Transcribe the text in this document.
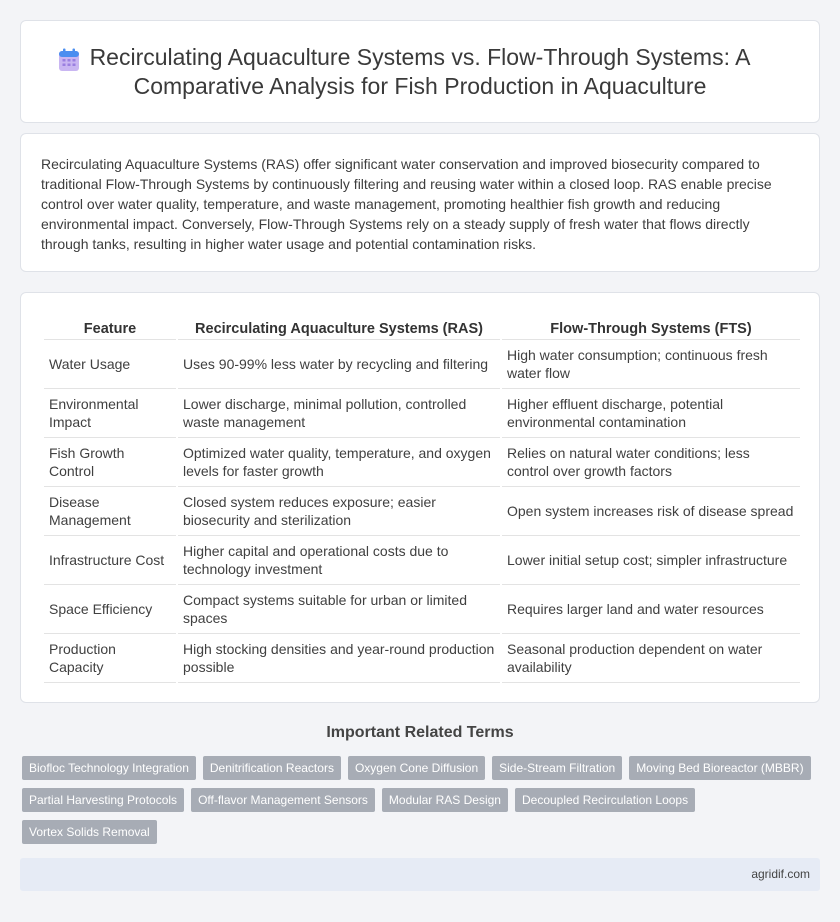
Recirculating Aquaculture Systems vs. Flow-Through Systems: A Comparative Analysis for Fish Production in Aquaculture

Recirculating Aquaculture Systems (RAS) offer significant water conservation and improved biosecurity compared to traditional Flow-Through Systems by continuously filtering and reusing water within a closed loop. RAS enable precise control over water quality, temperature, and waste management, promoting healthier fish growth and reducing environmental impact. Conversely, Flow-Through Systems rely on a steady supply of fresh water that flows directly through tanks, resulting in higher water usage and potential contamination risks.

Feature	Recirculating Aquaculture Systems (RAS)	Flow-Through Systems (FTS)
Water Usage	Uses 90-99% less water by recycling and filtering	High water consumption; continuous fresh water flow
Environmental Impact	Lower discharge, minimal pollution, controlled waste management	Higher effluent discharge, potential environmental contamination
Fish Growth Control	Optimized water quality, temperature, and oxygen levels for faster growth	Relies on natural water conditions; less control over growth factors
Disease Management	Closed system reduces exposure; easier biosecurity and sterilization	Open system increases risk of disease spread
Infrastructure Cost	Higher capital and operational costs due to technology investment	Lower initial setup cost; simpler infrastructure
Space Efficiency	Compact systems suitable for urban or limited spaces	Requires larger land and water resources
Production Capacity	High stocking densities and year-round production possible	Seasonal production dependent on water availability
Important Related Terms
Biofloc Technology Integration	Denitrification Reactors	Oxygen Cone Diffusion	Side-Stream Filtration	Moving Bed Bioreactor (MBBR)
Partial Harvesting Protocols	Off-flavor Management Sensors	Modular RAS Design	Decoupled Recirculation Loops
Vortex Solids Removal
agridif.com
